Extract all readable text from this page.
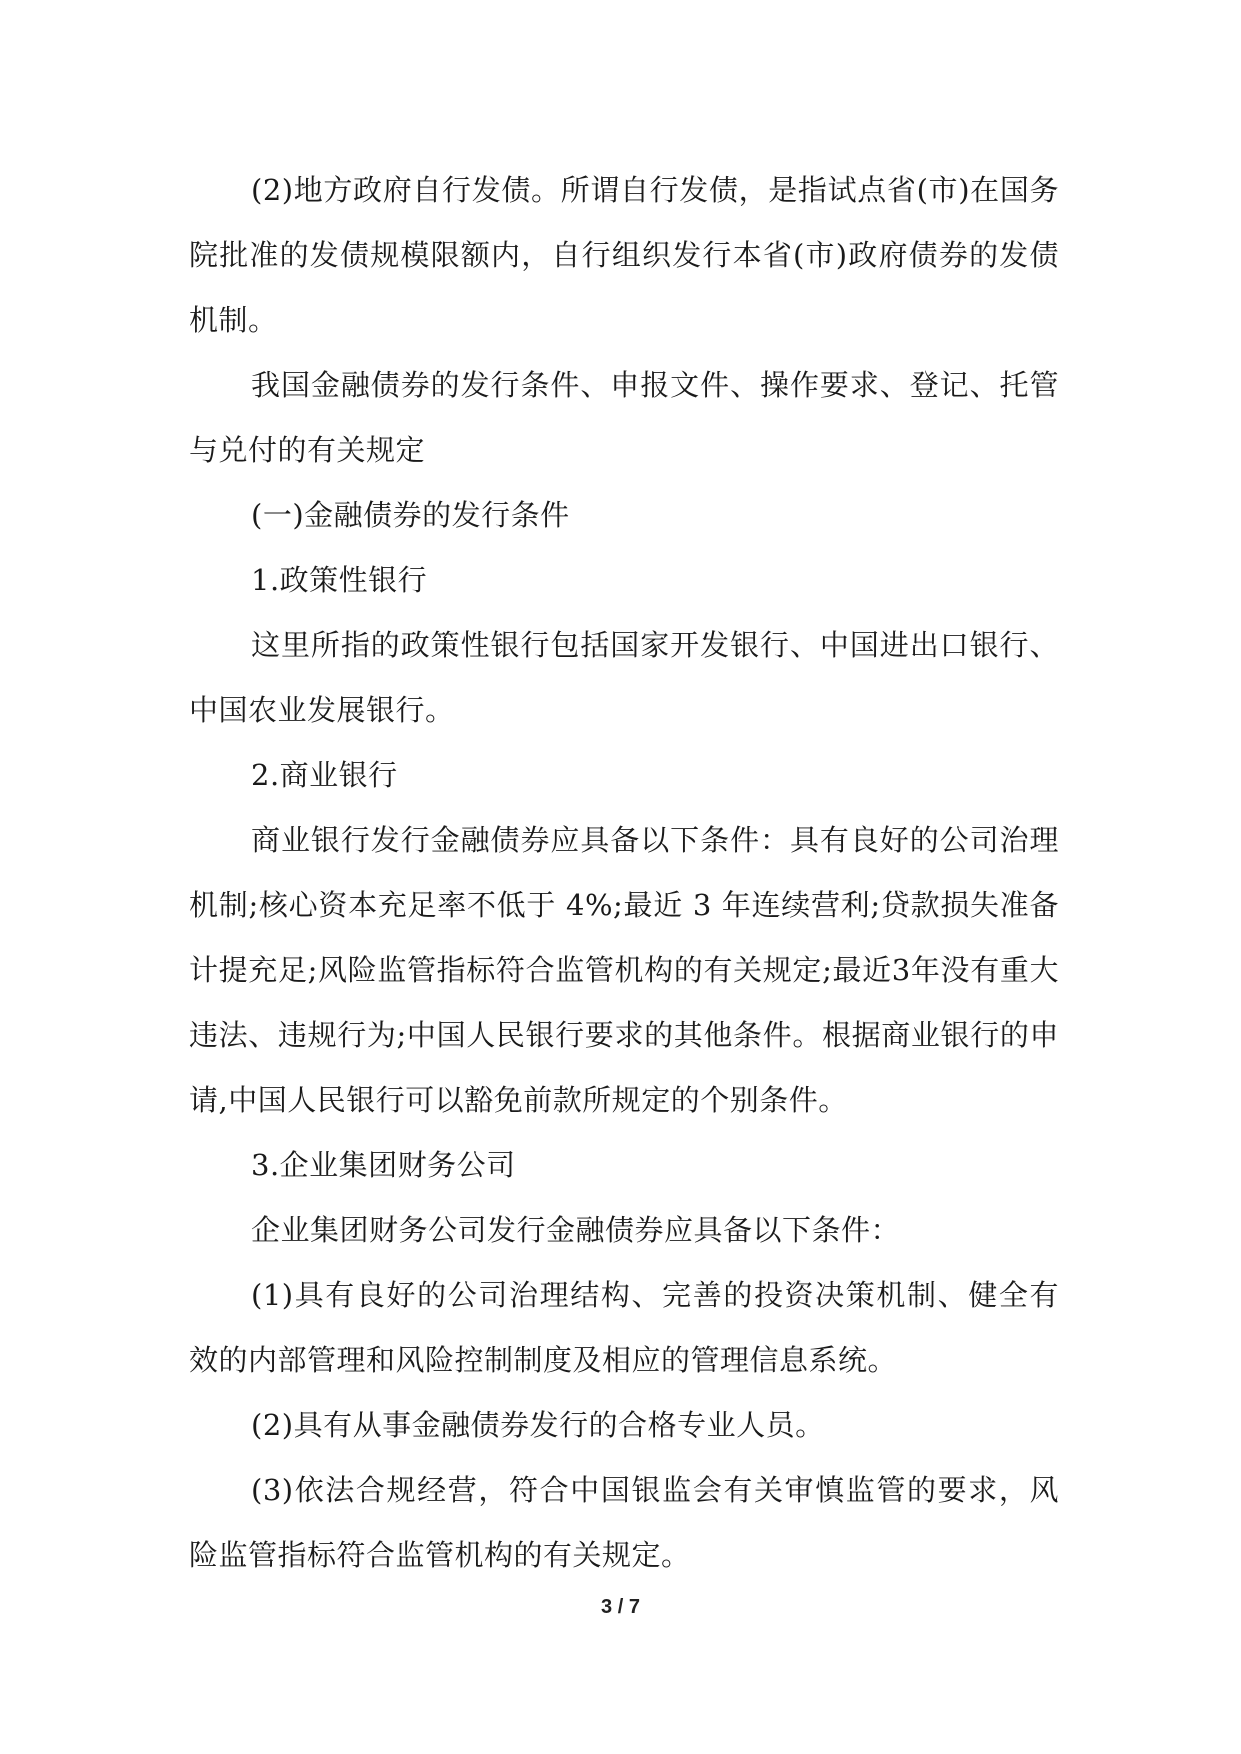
(2)地方政府自行发债。所谓自行发债，是指试点省(市)在国务院批准的发债规模限额内，自行组织发行本省(市)政府债券的发债机制。

我国金融债券的发行条件、申报文件、操作要求、登记、托管与兑付的有关规定

(一)金融债券的发行条件

1.政策性银行

这里所指的政策性银行包括国家开发银行、中国进出口银行、中国农业发展银行。

2.商业银行

商业银行发行金融债券应具备以下条件：具有良好的公司治理机制;核心资本充足率不低于 4%;最近 3 年连续营利;贷款损失准备计提充足;风险监管指标符合监管机构的有关规定;最近3年没有重大违法、违规行为;中国人民银行要求的其他条件。根据商业银行的申请,中国人民银行可以豁免前款所规定的个别条件。

3.企业集团财务公司

企业集团财务公司发行金融债券应具备以下条件：

(1)具有良好的公司治理结构、完善的投资决策机制、健全有效的内部管理和风险控制制度及相应的管理信息系统。

(2)具有从事金融债券发行的合格专业人员。

(3)依法合规经营，符合中国银监会有关审慎监管的要求，风险监管指标符合监管机构的有关规定。

3 / 7
